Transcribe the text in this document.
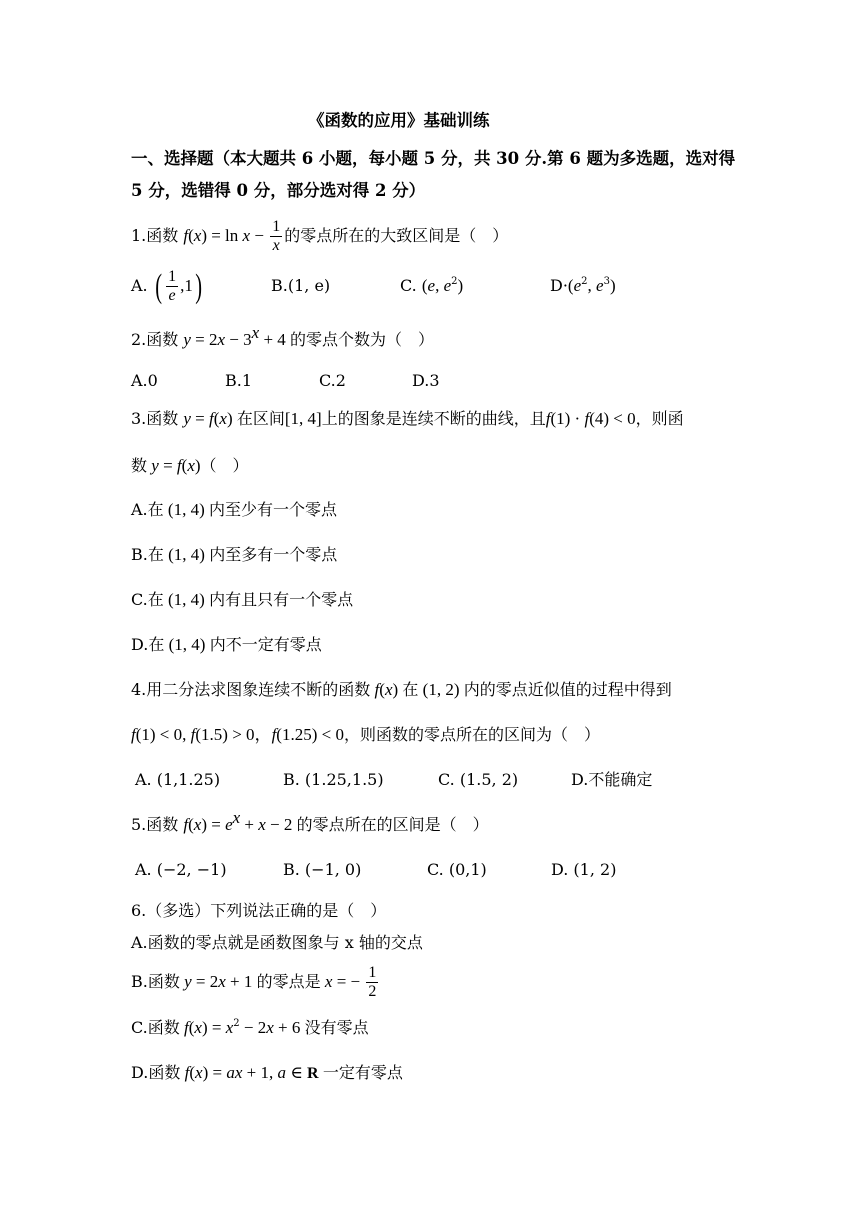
《函数的应用》基础训练
一、选择题（本大题共 6 小题，每小题 5 分，共 30 分.第 6 题为多选题，选对得
5 分，选错得 0 分，部分选对得 2 分）
1.函数 $f(x) = \ln x - \frac{1}{x}$ 的零点所在的大致区间是（　）
A. ( $\frac{1}{e} ,1$)	B.(1, e)	C. (e, $e^2$)	$D\cdot(e^2$, $e^3$)
2.函数 $y = 2x - 3^x + 4$ 的零点个数为（　）
A.0	B.1	C.2	D.3
3.函数 y = f(x) 在区间[1, 4]上的图象是连续不断的曲线，且f(1) · f(4) < 0，则函
数 y = f(x)（　）
A.在 (1, 4) 内至少有一个零点
B.在 (1, 4) 内至多有一个零点
C.在 (1, 4) 内有且只有一个零点
D.在 (1, 4) 内不一定有零点
4.用二分法求图象连续不断的函数 f(x) 在 (1, 2) 内的零点近似值的过程中得到
f(1) < 0, f(1.5) > 0，f(1.25) < 0，则函数的零点所在的区间为（　）
A. (1,1.25)	B. (1.25,1.5)	C. (1.5, 2)	D.不能确定
5.函数 $f(x) = e^x + x - 2$ 的零点所在的区间是（　）
A. (−2, −1)	B. (−1, 0)	C. (0,1)	D. (1, 2)
6.（多选）下列说法正确的是（　）
A.函数的零点就是函数图象与 x 轴的交点
B.函数 y = 2x + 1 的零点是 x = − $\frac{1}{2}$
C.函数 $f(x) = x^2 - 2x + 6$ 没有零点
D.函数 f(x) = ax + 1, a ∈ R 一定有零点
